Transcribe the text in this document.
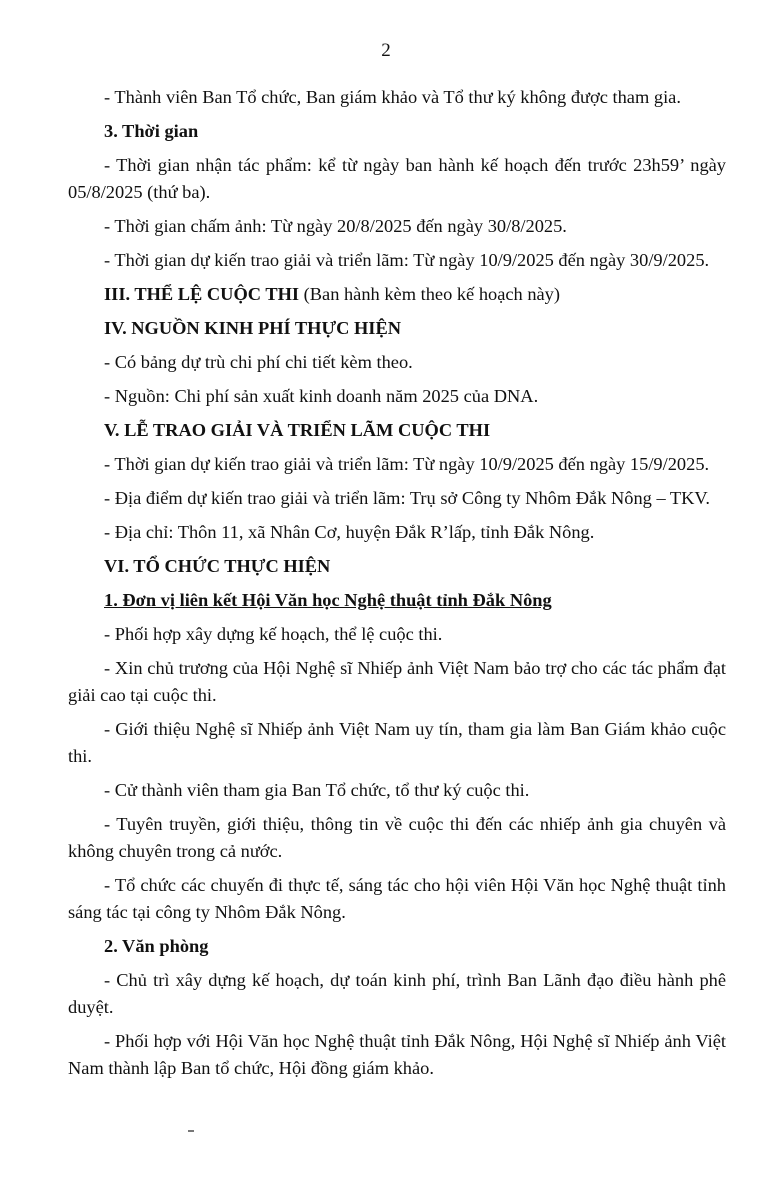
2

- Thành viên Ban Tổ chức, Ban giám khảo và Tổ thư ký không được tham gia.

3. Thời gian

- Thời gian nhận tác phẩm: kể từ ngày ban hành kế hoạch đến trước 23h59’ ngày 05/8/2025 (thứ ba).

- Thời gian chấm ảnh: Từ ngày 20/8/2025 đến ngày 30/8/2025.

- Thời gian dự kiến trao giải và triển lãm: Từ ngày 10/9/2025 đến ngày 30/9/2025.

III. THỂ LỆ CUỘC THI (Ban hành kèm theo kế hoạch này)

IV. NGUỒN KINH PHÍ THỰC HIỆN

- Có bảng dự trù chi phí chi tiết kèm theo.

- Nguồn: Chi phí sản xuất kinh doanh năm 2025 của DNA.

V. LỄ TRAO GIẢI VÀ TRIỂN LÃM CUỘC THI

- Thời gian dự kiến trao giải và triển lãm: Từ ngày 10/9/2025 đến ngày 15/9/2025.

- Địa điểm dự kiến trao giải và triển lãm: Trụ sở Công ty Nhôm Đắk Nông – TKV.

- Địa chỉ: Thôn 11, xã Nhân Cơ, huyện Đắk R’lấp, tỉnh Đắk Nông.

VI. TỔ CHỨC THỰC HIỆN

1. Đơn vị liên kết Hội Văn học Nghệ thuật tỉnh Đắk Nông

- Phối hợp xây dựng kế hoạch, thể lệ cuộc thi.

- Xin chủ trương của Hội Nghệ sĩ Nhiếp ảnh Việt Nam bảo trợ cho các tác phẩm đạt giải cao tại cuộc thi.

- Giới thiệu Nghệ sĩ Nhiếp ảnh Việt Nam uy tín, tham gia làm Ban Giám khảo cuộc thi.

- Cử thành viên tham gia Ban Tổ chức, tổ thư ký cuộc thi.

- Tuyên truyền, giới thiệu, thông tin về cuộc thi đến các nhiếp ảnh gia chuyên và không chuyên trong cả nước.

- Tổ chức các chuyến đi thực tế, sáng tác cho hội viên Hội Văn học Nghệ thuật tỉnh sáng tác tại công ty Nhôm Đắk Nông.

2. Văn phòng

- Chủ trì xây dựng kế hoạch, dự toán kinh phí, trình Ban Lãnh đạo điều hành phê duyệt.

- Phối hợp với Hội Văn học Nghệ thuật tỉnh Đắk Nông, Hội Nghệ sĩ Nhiếp ảnh Việt Nam thành lập Ban tổ chức, Hội đồng giám khảo.
